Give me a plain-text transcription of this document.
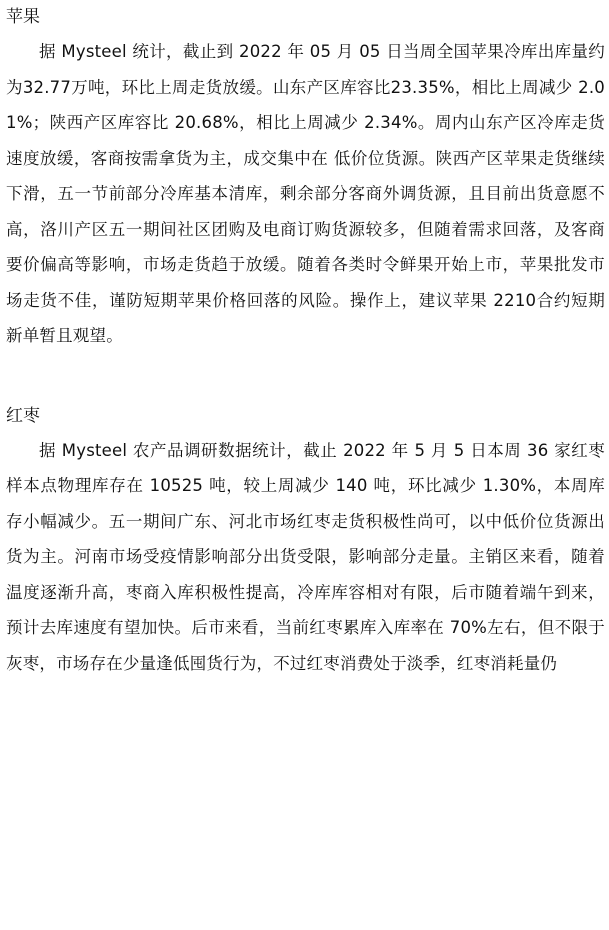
苹果

据 Mysteel 统计，截止到 2022 年 05 月 05 日当周全国苹果冷库出库量约为32.77万吨，环比上周走货放缓。山东产区库容比23.35%，相比上周减少 2.01%；陕西产区库容比 20.68%，相比上周减少 2.34%。周内山东产区冷库走货速度放缓，客商按需拿货为主，成交集中在 低价位货源。陕西产区苹果走货继续下滑，五一节前部分冷库基本清库，剩余部分客商外调货源，且目前出货意愿不高，洛川产区五一期间社区团购及电商订购货源较多，但随着需求回落，及客商要价偏高等影响，市场走货趋于放缓。随着各类时令鲜果开始上市，苹果批发市场走货不佳，谨防短期苹果价格回落的风险。操作上，建议苹果 2210合约短期新单暂且观望。

红枣

据 Mysteel 农产品调研数据统计，截止 2022 年 5 月 5 日本周 36 家红枣样本点物理库存在 10525 吨，较上周减少 140 吨，环比减少 1.30%，本周库存小幅减少。五一期间广东、河北市场红枣走货积极性尚可，以中低价位货源出货为主。河南市场受疫情影响部分出货受限，影响部分走量。主销区来看，随着温度逐渐升高，枣商入库积极性提高，冷库库容相对有限，后市随着端午到来，预计去库速度有望加快。后市来看，当前红枣累库入库率在 70%左右，但不限于灰枣，市场存在少量逢低囤货行为，不过红枣消费处于淡季，红枣消耗量仍
